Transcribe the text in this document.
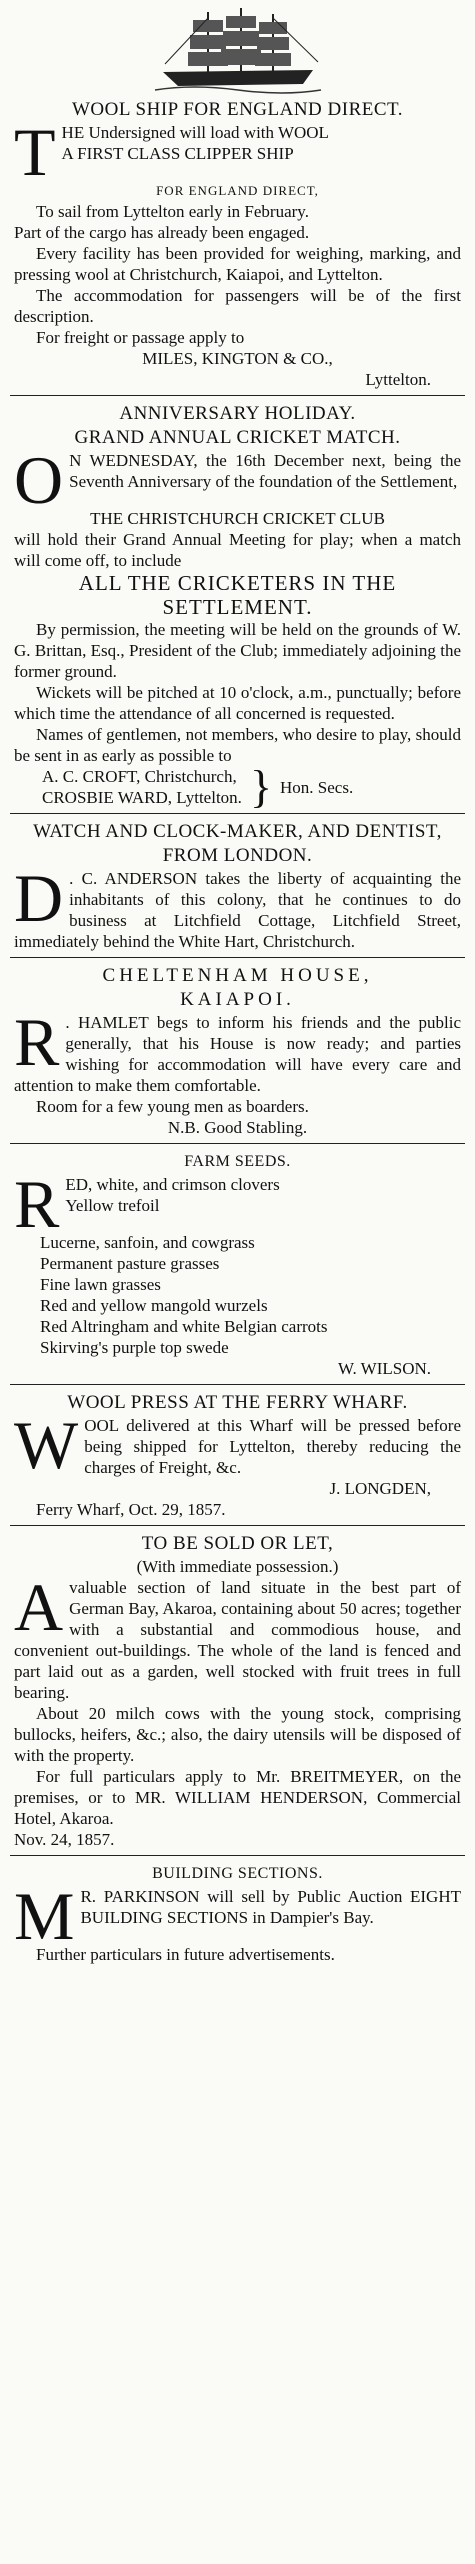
WOOL SHIP FOR ENGLAND DIRECT.
T HE Undersigned will load with WOOL
A FIRST CLASS CLIPPER SHIP
FOR ENGLAND DIRECT,
To sail from Lyttelton early in February.
Part of the cargo has already been engaged.
Every facility has been provided for weighing, marking, and pressing wool at Christchurch, Kaiapoi, and Lyttelton.
The accommodation for passengers will be of the first description.
For freight or passage apply to
MILES, KINGTON & CO.,
Lyttelton.
ANNIVERSARY HOLIDAY.
GRAND ANNUAL CRICKET MATCH.
O N WEDNESDAY, the 16th December next, being the Seventh Anniversary of the foundation of the Settlement,
THE CHRISTCHURCH CRICKET CLUB
will hold their Grand Annual Meeting for play; when a match will come off, to include
ALL THE CRICKETERS IN THE SETTLEMENT.
By permission, the meeting will be held on the grounds of W. G. Brittan, Esq., President of the Club; immediately adjoining the former ground.
Wickets will be pitched at 10 o'clock, a.m., punctually; before which time the attendance of all concerned is requested.
Names of gentlemen, not members, who desire to play, should be sent in as early as possible to
A. C. CROFT, Christchurch,
CROSBIE WARD, Lyttelton. } Hon. Secs.
WATCH AND CLOCK-MAKER, AND DENTIST, FROM LONDON.
D . C. ANDERSON takes the liberty of acquainting the inhabitants of this colony, that he continues to do business at Litchfield Cottage, Litchfield Street, immediately behind the White Hart, Christchurch.
CHELTENHAM HOUSE,
KAIAPOI.
R . HAMLET begs to inform his friends and the public generally, that his House is now ready; and parties wishing for accommodation will have every care and attention to make them comfortable.
Room for a few young men as boarders.
N.B. Good Stabling.
FARM SEEDS.
R ED, white, and crimson clovers
Yellow trefoil
Lucerne, sanfoin, and cowgrass
Permanent pasture grasses
Fine lawn grasses
Red and yellow mangold wurzels
Red Altringham and white Belgian carrots
Skirving's purple top swede
W. WILSON.
WOOL PRESS AT THE FERRY WHARF.
W OOL delivered at this Wharf will be pressed before being shipped for Lyttelton, thereby reducing the charges of Freight, &c.
J. LONGDEN,
Ferry Wharf, Oct. 29, 1857.
TO BE SOLD OR LET,
(With immediate possession.)
A valuable section of land situate in the best part of German Bay, Akaroa, containing about 50 acres; together with a substantial and commodious house, and convenient out-buildings. The whole of the land is fenced and part laid out as a garden, well stocked with fruit trees in full bearing.
About 20 milch cows with the young stock, comprising bullocks, heifers, &c.; also, the dairy utensils will be disposed of with the property.
For full particulars apply to Mr. BREITMEYER, on the premises, or to MR. WILLIAM HENDERSON, Commercial Hotel, Akaroa.
Nov. 24, 1857.
BUILDING SECTIONS.
M R. PARKINSON will sell by Public Auction EIGHT BUILDING SECTIONS in Dampier's Bay.
Further particulars in future advertisements.
